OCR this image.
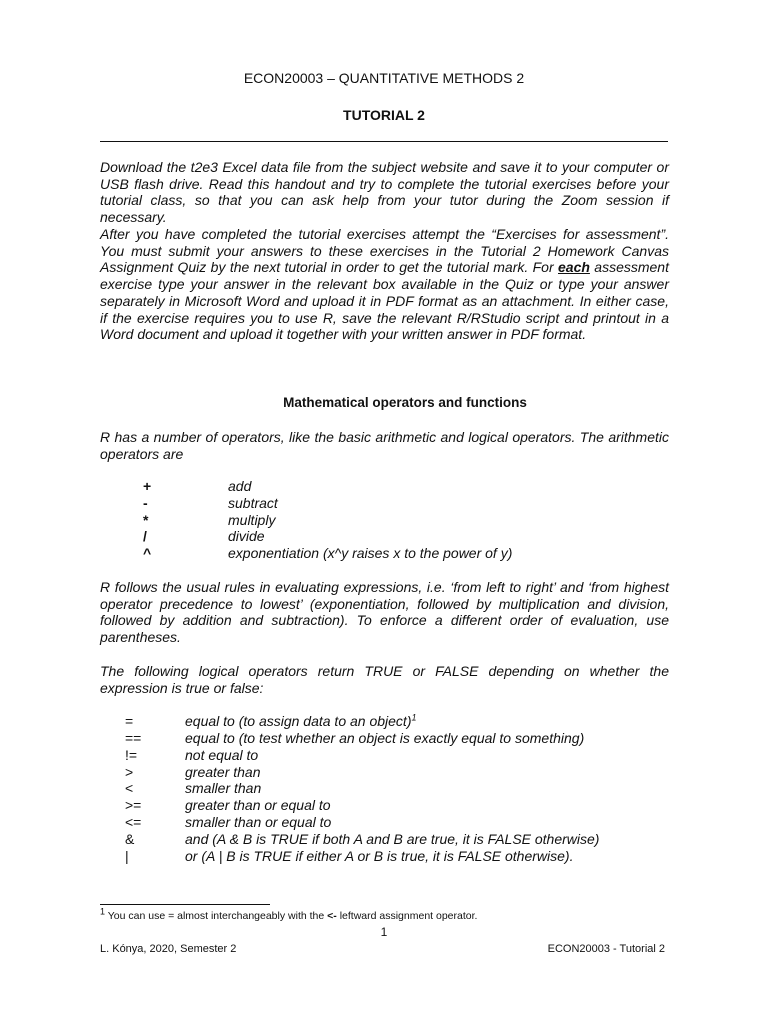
ECON20003 – QUANTITATIVE METHODS 2
TUTORIAL 2

Download the t2e3 Excel data file from the subject website and save it to your computer or USB flash drive. Read this handout and try to complete the tutorial exercises before your tutorial class, so that you can ask help from your tutor during the Zoom session if necessary.

After you have completed the tutorial exercises attempt the “Exercises for assessment”. You must submit your answers to these exercises in the Tutorial 2 Homework Canvas Assignment Quiz by the next tutorial in order to get the tutorial mark. For each assessment exercise type your answer in the relevant box available in the Quiz or type your answer separately in Microsoft Word and upload it in PDF format as an attachment. In either case, if the exercise requires you to use R, save the relevant R/RStudio script and printout in a Word document and upload it together with your written answer in PDF format.

Mathematical operators and functions

R has a number of operators, like the basic arithmetic and logical operators. The arithmetic operators are

+	add
-	subtract
*	multiply
/	divide
^	exponentiation (x^y raises x to the power of y)

R follows the usual rules in evaluating expressions, i.e. ‘from left to right’ and ‘from highest operator precedence to lowest’ (exponentiation, followed by multiplication and division, followed by addition and subtraction). To enforce a different order of evaluation, use parentheses.

The following logical operators return TRUE or FALSE depending on whether the expression is true or false:

=	equal to (to assign data to an object)$^1$
==	equal to (to test whether an object is exactly equal to something)
!=	not equal to
>	greater than
<	smaller than
>=	greater than or equal to
<=	smaller than or equal to
&	and (A & B is TRUE if both A and B are true, it is FALSE otherwise)
|	or (A | B is TRUE if either A or B is true, it is FALSE otherwise).
$^1$ You can use = almost interchangeably with the <- leftward assignment operator.
1
L. Kónya, 2020, Semester 2	ECON20003 - Tutorial 2
